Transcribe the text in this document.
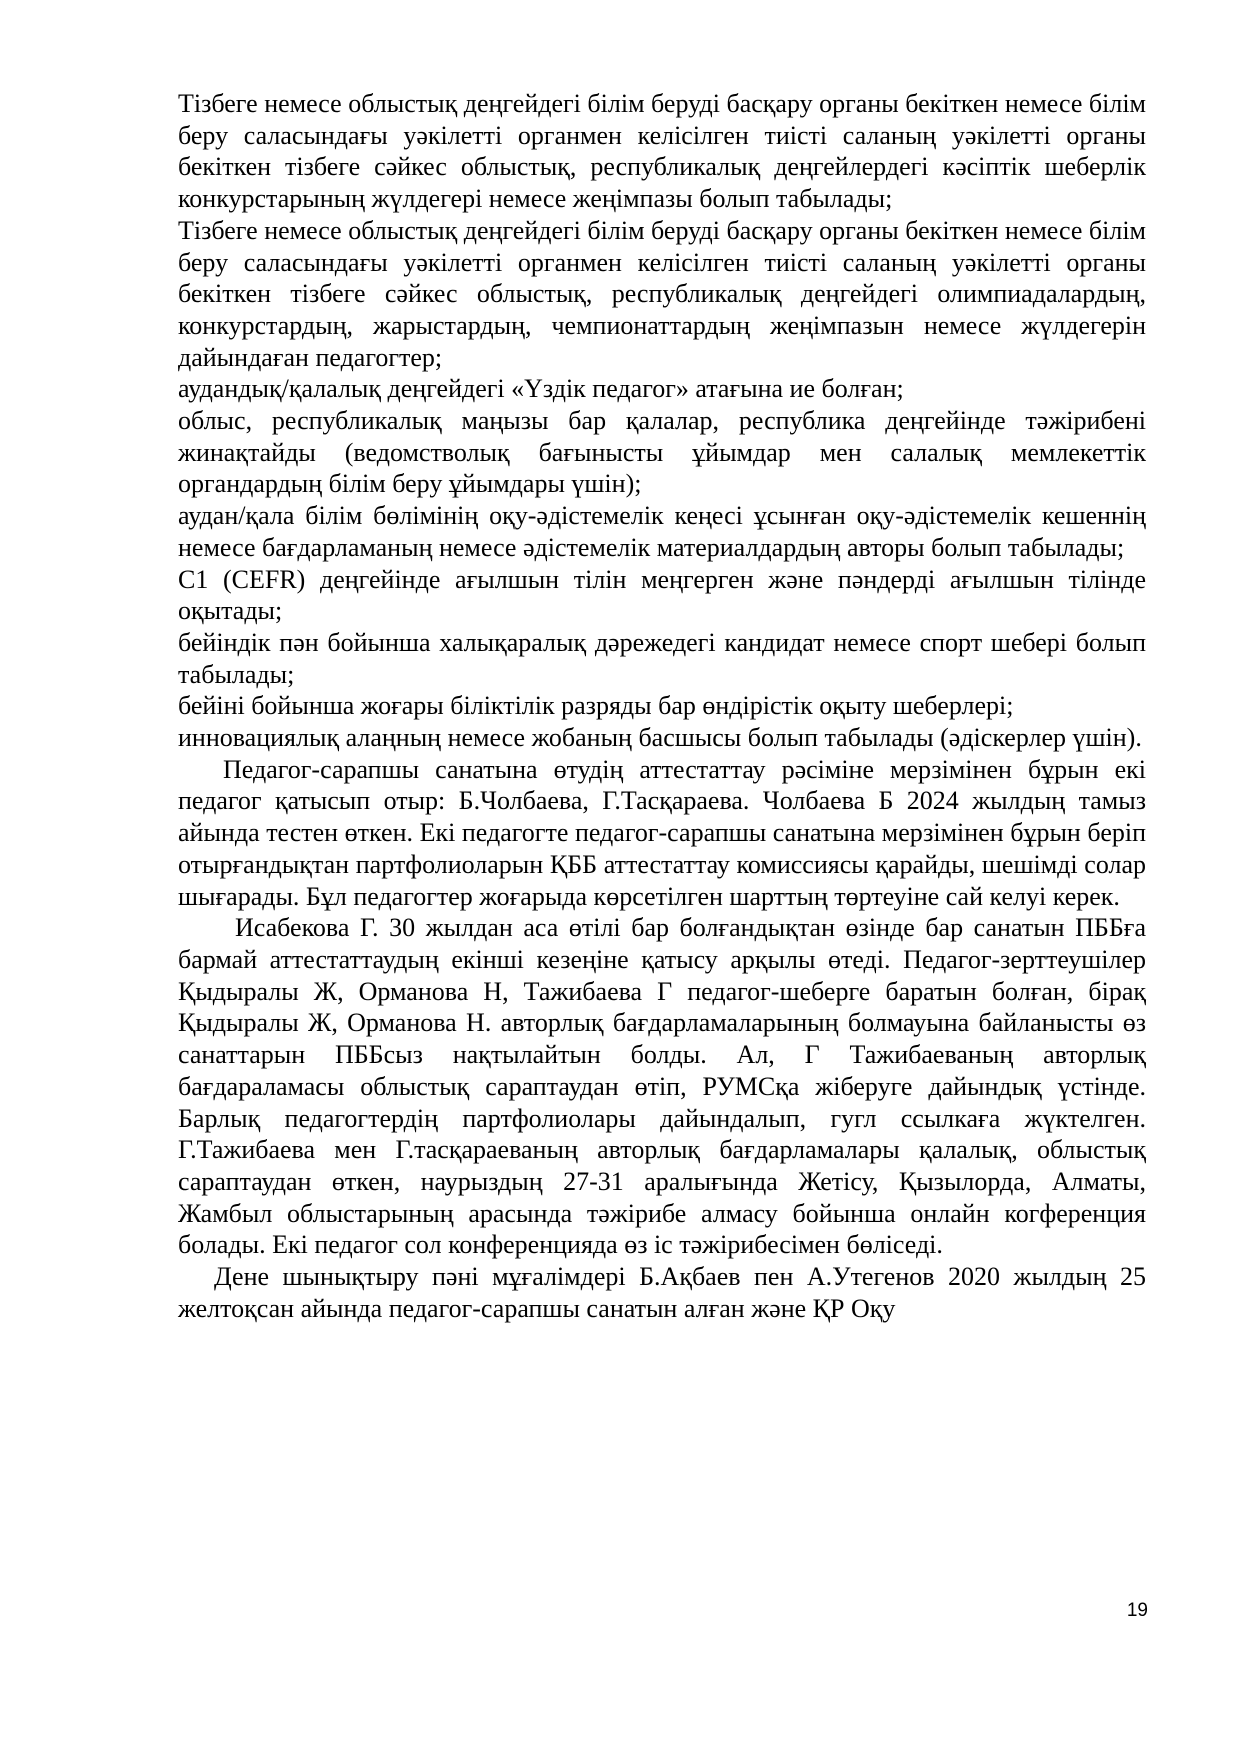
Тізбеге немесе облыстық деңгейдегі білім беруді басқару органы бекіткен немесе білім беру саласындағы уәкілетті органмен келісілген тиісті саланың уәкілетті органы бекіткен тізбеге сәйкес облыстық, республикалық деңгейлердегі кәсіптік шеберлік конкурстарының жүлдегері немесе жеңімпазы болып табылады;

Тізбеге немесе облыстық деңгейдегі білім беруді басқару органы бекіткен немесе білім беру саласындағы уәкілетті органмен келісілген тиісті саланың уәкілетті органы бекіткен тізбеге сәйкес облыстық, республикалық деңгейдегі олимпиадалардың, конкурстардың, жарыстардың, чемпионаттардың жеңімпазын немесе жүлдегерін дайындаған педагогтер;

аудандық/қалалық деңгейдегі «Үздік педагог» атағына ие болған;

облыс, республикалық маңызы бар қалалар, республика деңгейінде тәжірибені жинақтайды (ведомстволық бағынысты ұйымдар мен салалық мемлекеттік органдардың білім беру ұйымдары үшін);

аудан/қала білім бөлімінің оқу-әдістемелік кеңесі ұсынған оқу-әдістемелік кешеннің немесе бағдарламаның немесе әдістемелік материалдардың авторы болып табылады;

С1 (CEFR) деңгейінде ағылшын тілін меңгерген және пәндерді ағылшын тілінде оқытады;

бейіндік пән бойынша халықаралық дәрежедегі кандидат немесе спорт шебері болып табылады;

бейіні бойынша жоғары біліктілік разряды бар өндірістік оқыту шеберлері;

инновациялық алаңның немесе жобаның басшысы болып табылады (әдіскерлер үшін).

Педагог-сарапшы санатына өтудің аттестаттау рәсіміне мерзімінен бұрын екі педагог қатысып отыр: Б.Чолбаева, Г.Тасқараева. Чолбаева Б 2024 жылдың тамыз айында тестен өткен. Екі педагогте педагог-сарапшы санатына мерзімінен бұрын беріп отырғандықтан партфолиоларын ҚББ аттестаттау комиссиясы қарайды, шешімді солар шығарады. Бұл педагогтер жоғарыда көрсетілген шарттың төртеуіне сай келуі керек.

Исабекова Г. 30 жылдан аса өтілі бар болғандықтан өзінде бар санатын ПББға бармай аттестаттаудың екінші кезеңіне қатысу арқылы өтеді. Педагог-зерттеушілер Қыдыралы Ж, Орманова Н, Тажибаева Г педагог-шеберге баратын болған, бірақ Қыдыралы Ж, Орманова Н. авторлық бағдарламаларының болмауына байланысты өз санаттарын ПББсыз нақтылайтын болды. Ал, Г Тажибаеваның авторлық бағдараламасы облыстық сараптаудан өтіп, РУМСқа жіберуге дайындық үстінде. Барлық педагогтердің партфолиолары дайындалып, гугл ссылкаға жүктелген. Г.Тажибаева мен Г.тасқараеваның авторлық бағдарламалары қалалық, облыстық сараптаудан өткен, наурыздың 27-31 аралығында Жетісу, Қызылорда, Алматы, Жамбыл облыстарының арасында тәжірибе алмасу бойынша онлайн когференция болады. Екі педагог сол конференцияда өз іс тәжірибесімен бөліседі.

Дене шынықтыру пәні мұғалімдері Б.Ақбаев пен А.Утегенов 2020 жылдың 25 желтоқсан айында педагог-сарапшы санатын алған және ҚР Оқу

19
